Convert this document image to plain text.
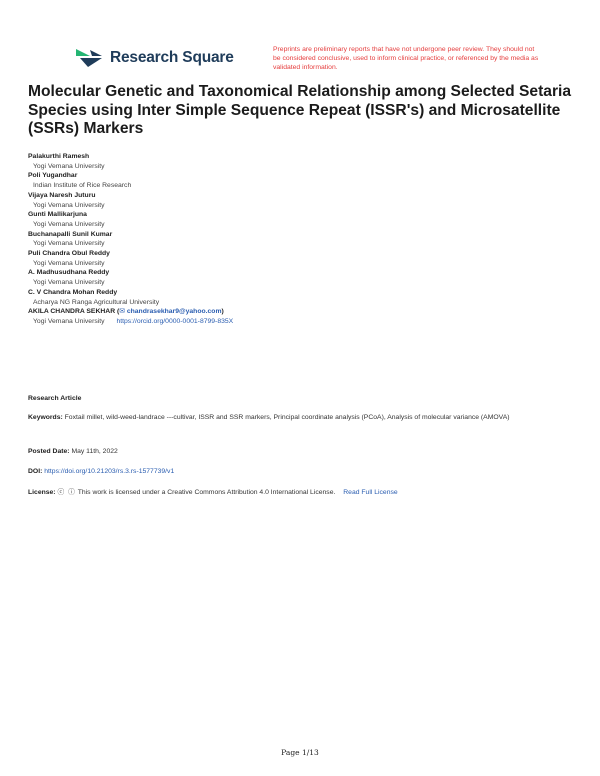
Research Square	Preprints are preliminary reports that have not undergone peer review. They should not be considered conclusive, used to inform clinical practice, or referenced by the media as validated information.
Molecular Genetic and Taxonomical Relationship among Selected Setaria Species using Inter Simple Sequence Repeat (ISSR's) and Microsatellite (SSRs) Markers
Palakurthi Ramesh
Yogi Vemana University
Poli Yugandhar
Indian Institute of Rice Research
Vijaya Naresh Juturu
Yogi Vemana University
Gunti Mallikarjuna
Yogi Vemana University
Buchanapalli Sunil Kumar
Yogi Vemana University
Puli Chandra Obul Reddy
Yogi Vemana University
A. Madhusudhana Reddy
Yogi Vemana University
C. V Chandra Mohan Reddy
Acharya NG Ranga Agricultural University
AKILA CHANDRA SEKHAR (✉ chandrasekhar9@yahoo.com)
Yogi Vemana University https://orcid.org/0000-0001-8799-835X
Research Article
Keywords: Foxtail millet, wild-weed-landrace ---cultivar, ISSR and SSR markers, Principal coordinate analysis (PCoA), Analysis of molecular variance (AMOVA)
Posted Date: May 11th, 2022
DOI: https://doi.org/10.21203/rs.3.rs-1577739/v1
License: ⓒ ⓘ This work is licensed under a Creative Commons Attribution 4.0 International License. Read Full License
Page 1/13
